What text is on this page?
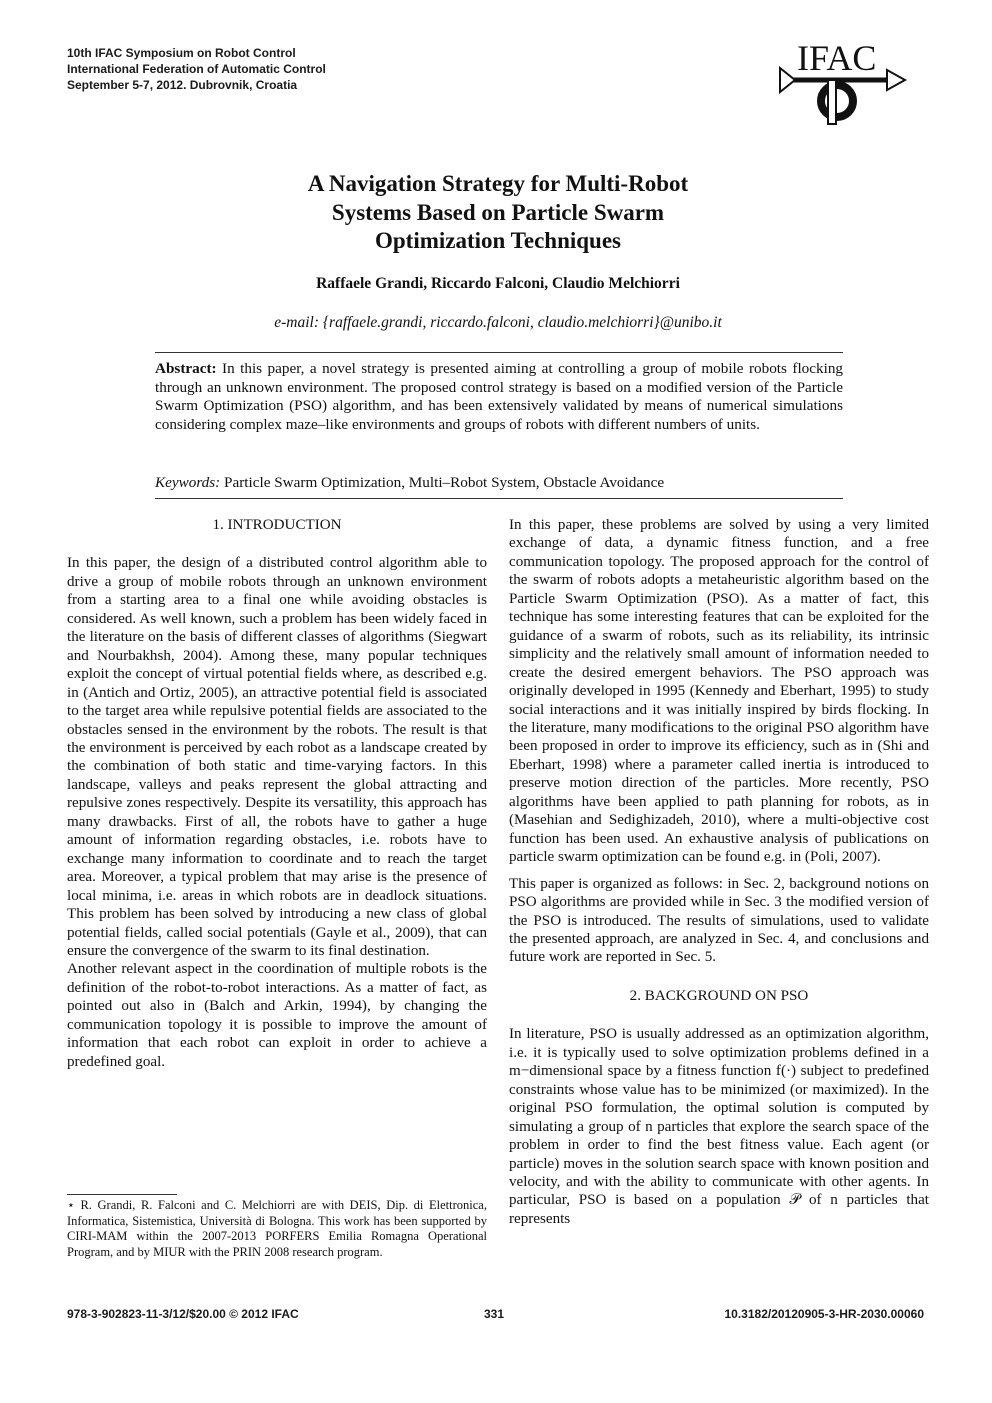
10th IFAC Symposium on Robot Control
International Federation of Automatic Control
September 5-7, 2012. Dubrovnik, Croatia
IFAC
A Navigation Strategy for Multi-Robot
Systems Based on Particle Swarm
Optimization Techniques
Raffaele Grandi, Riccardo Falconi, Claudio Melchiorri
e-mail: {raffaele.grandi, riccardo.falconi, claudio.melchiorri}@unibo.it
Abstract: In this paper, a novel strategy is presented aiming at controlling a group of mobile robots flocking through an unknown environment. The proposed control strategy is based on a modified version of the Particle Swarm Optimization (PSO) algorithm, and has been extensively validated by means of numerical simulations considering complex maze–like environments and groups of robots with different numbers of units.
Keywords: Particle Swarm Optimization, Multi–Robot System, Obstacle Avoidance

1. INTRODUCTION

In this paper, the design of a distributed control algorithm able to drive a group of mobile robots through an unknown environment from a starting area to a final one while avoiding obstacles is considered. As well known, such a problem has been widely faced in the literature on the basis of different classes of algorithms (Siegwart and Nourbakhsh, 2004). Among these, many popular techniques exploit the concept of virtual potential fields where, as described e.g. in (Antich and Ortiz, 2005), an attractive potential field is associated to the target area while repulsive potential fields are associated to the obstacles sensed in the environment by the robots. The result is that the environment is perceived by each robot as a landscape created by the combination of both static and time-varying factors. In this landscape, valleys and peaks represent the global attracting and repulsive zones respectively. Despite its versatility, this approach has many drawbacks. First of all, the robots have to gather a huge amount of information regarding obstacles, i.e. robots have to exchange many information to coordinate and to reach the target area. Moreover, a typical problem that may arise is the presence of local minima, i.e. areas in which robots are in deadlock situations. This problem has been solved by introducing a new class of global potential fields, called social potentials (Gayle et al., 2009), that can ensure the convergence of the swarm to its final destination.

Another relevant aspect in the coordination of multiple robots is the definition of the robot-to-robot interactions. As a matter of fact, as pointed out also in (Balch and Arkin, 1994), by changing the communication topology it is possible to improve the amount of information that each robot can exploit in order to achieve a predefined goal.

In this paper, these problems are solved by using a very limited exchange of data, a dynamic fitness function, and a free communication topology. The proposed approach for the control of the swarm of robots adopts a metaheuristic algorithm based on the Particle Swarm Optimization (PSO). As a matter of fact, this technique has some interesting features that can be exploited for the guidance of a swarm of robots, such as its reliability, its intrinsic simplicity and the relatively small amount of information needed to create the desired emergent behaviors. The PSO approach was originally developed in 1995 (Kennedy and Eberhart, 1995) to study social interactions and it was initially inspired by birds flocking. In the literature, many modifications to the original PSO algorithm have been proposed in order to improve its efficiency, such as in (Shi and Eberhart, 1998) where a parameter called inertia is introduced to preserve motion direction of the particles. More recently, PSO algorithms have been applied to path planning for robots, as in (Masehian and Sedighizadeh, 2010), where a multi-objective cost function has been used. An exhaustive analysis of publications on particle swarm optimization can be found e.g. in (Poli, 2007).

This paper is organized as follows: in Sec. 2, background notions on PSO algorithms are provided while in Sec. 3 the modified version of the PSO is introduced. The results of simulations, used to validate the presented approach, are analyzed in Sec. 4, and conclusions and future work are reported in Sec. 5.

2. BACKGROUND ON PSO

In literature, PSO is usually addressed as an optimization algorithm, i.e. it is typically used to solve optimization problems defined in a m−dimensional space by a fitness function f(·) subject to predefined constraints whose value has to be minimized (or maximized). In the original PSO formulation, the optimal solution is computed by simulating a group of n particles that explore the search space of the problem in order to find the best fitness value. Each agent (or particle) moves in the solution search space with known position and velocity, and with the ability to communicate with other agents. In particular, PSO is based on a population 𝒫 of n particles that represents

⋆ R. Grandi, R. Falconi and C. Melchiorri are with DEIS, Dip. di Elettronica, Informatica, Sistemistica, Università di Bologna. This work has been supported by CIRI-MAM within the 2007-2013 PORFERS Emilia Romagna Operational Program, and by MIUR with the PRIN 2008 research program.
978-3-902823-11-3/12/$20.00 © 2012 IFAC	331	10.3182/20120905-3-HR-2030.00060
